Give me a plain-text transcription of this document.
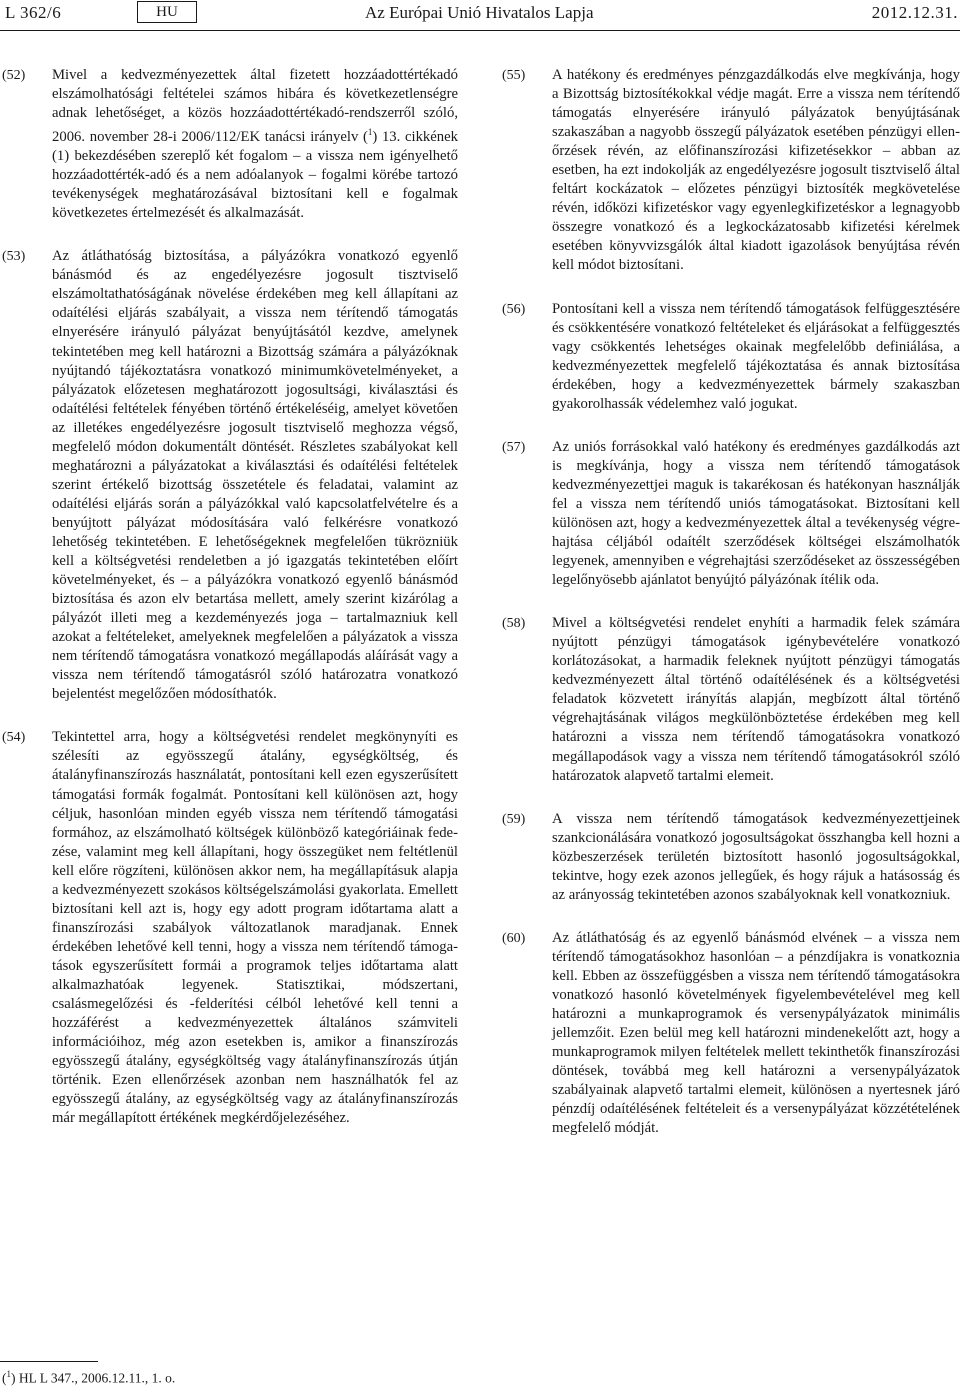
L 362/6	HU	Az Európai Unió Hivatalos Lapja	2012.12.31.
(52) Mivel a kedvezményezettek által fizetett hozzáadottértékadó elszámolhatósági feltételei számos hibára és következetlenségre adnak lehetőséget, a közös hozzáadottértékadó-rendszerről szóló, 2006. november 28-i 2006/112/EK tanácsi irányelv ($^1$) 13. cikkének (1) bekezdésében szereplő két fogalom – a vissza nem igényelhető hozzáadottérték-adó és a nem adóalanyok – fogalmi körébe tartozó tevékenységek meghatározásával biztosítani kell e fogalmak következetes értelmezését és alkalmazását.
(53) Az átláthatóság biztosítása, a pályázókra vonatkozó egyenlő bánásmód és az engedélyezésre jogosult tisztviselő elszámoltathatóságának növelése érdekében meg kell állapítani az odaítélési eljárás szabályait, a vissza nem térítendő támogatás elnyerésére irányuló pályázat benyújtásától kezdve, amelynek tekintetében meg kell határozni a Bizottság számára a pályázóknak nyújtandó tájékoztatásra vonatkozó minimumkövetelményeket, a pályázatok előzetesen meghatározott jogosultsági, kiválasztási és odaítélési feltételek fényében történő értékeléséig, amelyet követően az illetékes engedélyezésre jogosult tisztviselő meghozza végső, megfelelő módon dokumentált döntését. Részletes szabályokat kell meghatározni a pályázatokat a kiválasztási és odaítélési feltételek szerint értékelő bizottság összetétele és feladatai, valamint az odaítélési eljárás során a pályázókkal való kapcsolatfelvételre és a benyújtott pályázat módosítására való felkérésre vonatkozó lehetőség tekintetében. E lehetőségeknek megfelelően tükrözniük kell a költségvetési rendeletben a jó igazgatás tekintetében előírt követelményeket, és – a pályázókra vonatkozó egyenlő bánásmód biztosítása és azon elv betartása mellett, amely szerint kizárólag a pályázót illeti meg a kezdeményezés joga – tartalmazniuk kell azokat a feltételeket, amelyeknek megfelelően a pályázatok a vissza nem térítendő támogatásra vonatkozó megállapodás aláírását vagy a vissza nem térítendő támogatásról szóló határozatra vonatkozó bejelentést megelőzően módosíthatók.
(54) Tekintettel arra, hogy a költségvetési rendelet megkönynyíti es szélesíti az egyösszegű átalány, egységköltség, és átalányfinanszírozás használatát, pontosítani kell ezen egyszerűsített támogatási formák fogalmát. Pontosítani kell különösen azt, hogy céljuk, hasonlóan minden egyéb vissza nem térítendő támogatási formához, az elszámolható költségek különböző kategóriáinak fedezése, valamint meg kell állapítani, hogy összegüket nem feltétlenül kell előre rögzíteni, különösen akkor nem, ha megállapításuk alapja a kedvezményezett szokásos költségelszámolási gyakorlata. Emellett biztosítani kell azt is, hogy egy adott program időtartama alatt a finanszírozási szabályok változatlanok maradjanak. Ennek érdekében lehetővé kell tenni, hogy a vissza nem térítendő támogatások egyszerűsített formái a programok teljes időtartama alatt alkalmazhatóak legyenek. Statisztikai, módszertani, csalásmegelőzési és -felderítési célból lehetővé kell tenni a hozzáférést a kedvezményezettek általános számviteli információihoz, még azon esetekben is, amikor a finanszírozás egyösszegű átalány, egységköltség vagy átalányfinanszírozás útján történik. Ezen ellenőrzések azonban nem használhatók fel az egyösszegű átalány, az egységköltség vagy az átalányfinanszírozás már megállapított értékének megkérdőjelezéséhez.
(55) A hatékony és eredményes pénzgazdálkodás elve megkívánja, hogy a Bizottság biztosítékokkal védje magát. Erre a vissza nem térítendő támogatás elnyerésére irányuló pályázatok benyújtásának szakaszában a nagyobb összegű pályázatok esetében pénzügyi ellenőrzések révén, az előfinanszírozási kifizetésekkor – abban az esetben, ha ezt indokolják az engedélyezésre jogosult tisztviselő által feltárt kockázatok – előzetes pénzügyi biztosíték megkövetelése révén, időközi kifizetéskor vagy egyenlegkifizetéskor a legnagyobb összegre vonatkozó és a legkockázatosabb kifizetési kérelmek esetében könyvvizsgálók által kiadott igazolások benyújtása révén kell módot biztosítani.
(56) Pontosítani kell a vissza nem térítendő támogatások felfüggesztésére és csökkentésére vonatkozó feltételeket és eljárásokat a felfüggesztés vagy csökkentés lehetséges okainak megfelelőbb definiálása, a kedvezményezettek megfelelő tájékoztatása és annak biztosítása érdekében, hogy a kedvezményezettek bármely szakaszban gyakorolhassák védelemhez való jogukat.
(57) Az uniós forrásokkal való hatékony és eredményes gazdálkodás azt is megkívánja, hogy a vissza nem térítendő támogatások kedvezményezettjei maguk is takarékosan és hatékonyan használják fel a vissza nem térítendő uniós támogatásokat. Biztosítani kell különösen azt, hogy a kedvezményezettek által a tevékenység végrehajtása céljából odaítélt szerződések költségei elszámolhatók legyenek, amennyiben e végrehajtási szerződéseket az összességében legelőnyösebb ajánlatot benyújtó pályázónak ítélik oda.
(58) Mivel a költségvetési rendelet enyhíti a harmadik felek számára nyújtott pénzügyi támogatások igénybevételére vonatkozó korlátozásokat, a harmadik feleknek nyújtott pénzügyi támogatás kedvezményezett által történő odaítélésének és a költségvetési feladatok közvetett irányítás alapján, megbízott által történő végrehajtásának világos megkülönböztetése érdekében meg kell határozni a vissza nem térítendő támogatásokra vonatkozó megállapodások vagy a vissza nem térítendő támogatásokról szóló határozatok alapvető tartalmi elemeit.
(59) A vissza nem térítendő támogatások kedvezményezettjeinek szankcionálására vonatkozó jogosultságokat összhangba kell hozni a közbeszerzések területén biztosított hasonló jogosultságokkal, tekintve, hogy ezek azonos jellegűek, és hogy rájuk a hatásosság és az arányosság tekintetében azonos szabályoknak kell vonatkozniuk.
(60) Az átláthatóság és az egyenlő bánásmód elvének – a vissza nem térítendő támogatásokhoz hasonlóan – a pénzdíjakra is vonatkoznia kell. Ebben az összefüggésben a vissza nem térítendő támogatásokra vonatkozó hasonló követelmények figyelembevételével meg kell határozni a munkaprogramok és versenypályázatok minimális jellemzőit. Ezen belül meg kell határozni mindenekelőtt azt, hogy a munkaprogramok milyen feltételek mellett tekinthetők finanszírozási döntések, továbbá meg kell határozni a versenypályázatok szabályainak alapvető tartalmi elemeit, különösen a nyertesnek járó pénzdíj odaítélésének feltételeit és a versenypályázat közzétételének megfelelő módját.
($^1$) HL L 347., 2006.12.11., 1. o.
